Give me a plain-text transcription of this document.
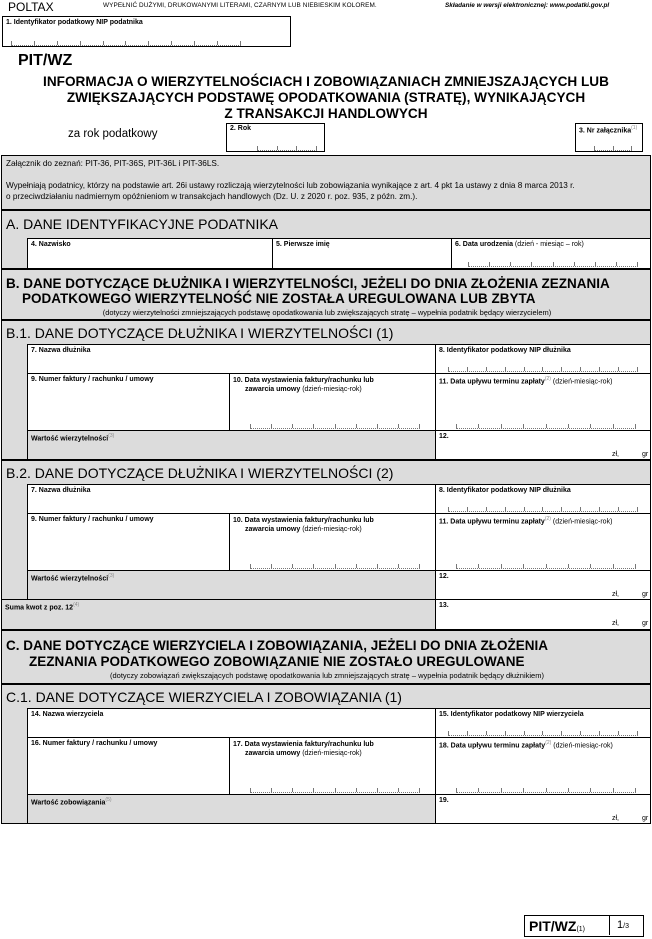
POLTAX	WYPEŁNIĆ DUŻYMI, DRUKOWANYMI LITERAMI, CZARNYM LUB NIEBIESKIM KOLOREM.	Składanie w wersji elektronicznej: www.podatki.gov.pl
1. Identyfikator podatkowy NIP podatnika
PIT/WZ
INFORMACJA O WIERZYTELNOŚCIACH I ZOBOWIĄZANIACH ZMNIEJSZAJĄCYCH LUB
ZWIĘKSZAJĄCYCH PODSTAWĘ OPODATKOWANIA (STRATĘ), WYNIKAJĄCYCH
Z TRANSAKCJI HANDLOWYCH
za rok podatkowy	2. Rok	3. Nr załącznika$^{(1)}$
Załącznik do zeznań: PIT-36, PIT-36S, PIT-36L i PIT-36LS.
Wypełniają podatnicy, którzy na podstawie art. 26i ustawy rozliczają wierzytelności lub zobowiązania wynikające z art. 4 pkt 1a ustawy z dnia 8 marca 2013 r.
o przeciwdziałaniu nadmiernym opóźnieniom w transakcjach handlowych (Dz. U. z 2020 r. poz. 935, z późn. zm.).
A. DANE IDENTYFIKACYJNE PODATNIKA
4. Nazwisko	5. Pierwsze imię	6. Data urodzenia (dzień - miesiąc – rok)
B. DANE DOTYCZĄCE DŁUŻNIKA I WIERZYTELNOŚCI, JEŻELI DO DNIA ZŁOŻENIA ZEZNANIA
PODATKOWEGO WIERZYTELNOŚĆ NIE ZOSTAŁA UREGULOWANA LUB ZBYTA
(dotyczy wierzytelności zmniejszających podstawę opodatkowania lub zwiększających stratę – wypełnia podatnik będący wierzycielem)
B.1. DANE DOTYCZĄCE DŁUŻNIKA I WIERZYTELNOŚCI (1)
7. Nazwa dłużnika	8. Identyfikator podatkowy NIP dłużnika
9. Numer faktury / rachunku / umowy	10. Data wystawienia faktury/rachunku lub
zawarcia umowy (dzień-miesiąc-rok)
11. Data upływu terminu zapłaty$^{(2)}$ (dzień-miesiąc-rok)
Wartość wierzytelności$^{(3)}$	12.
zł,	gr
B.2. DANE DOTYCZĄCE DŁUŻNIKA I WIERZYTELNOŚCI (2)
7. Nazwa dłużnika	8. Identyfikator podatkowy NIP dłużnika
9. Numer faktury / rachunku / umowy	10. Data wystawienia faktury/rachunku lub
zawarcia umowy (dzień-miesiąc-rok)
11. Data upływu terminu zapłaty$^{(2)}$ (dzień-miesiąc-rok)
Wartość wierzytelności$^{(3)}$	12.
zł,	gr
Suma kwot z poz. 12$^{(4)}$	13.
zł,	gr
C. DANE DOTYCZĄCE WIERZYCIELA I ZOBOWIĄZANIA, JEŻELI DO DNIA ZŁOŻENIA
ZEZNANIA PODATKOWEGO ZOBOWIĄZANIE NIE ZOSTAŁO UREGULOWANE
(dotyczy zobowiązań zwiększających podstawę opodatkowania lub zmniejszających stratę – wypełnia podatnik będący dłużnikiem)
C.1. DANE DOTYCZĄCE WIERZYCIELA I ZOBOWIĄZANIA (1)
14. Nazwa wierzyciela	15. Identyfikator podatkowy NIP wierzyciela
16. Numer faktury / rachunku / umowy	17. Data wystawienia faktury/rachunku lub
zawarcia umowy (dzień-miesiąc-rok)
18. Data upływu terminu zapłaty$^{(2)}$ (dzień-miesiąc-rok)
Wartość zobowiązania$^{(5)}$	19.
zł,	gr
PIT/WZ(1)	1/3
